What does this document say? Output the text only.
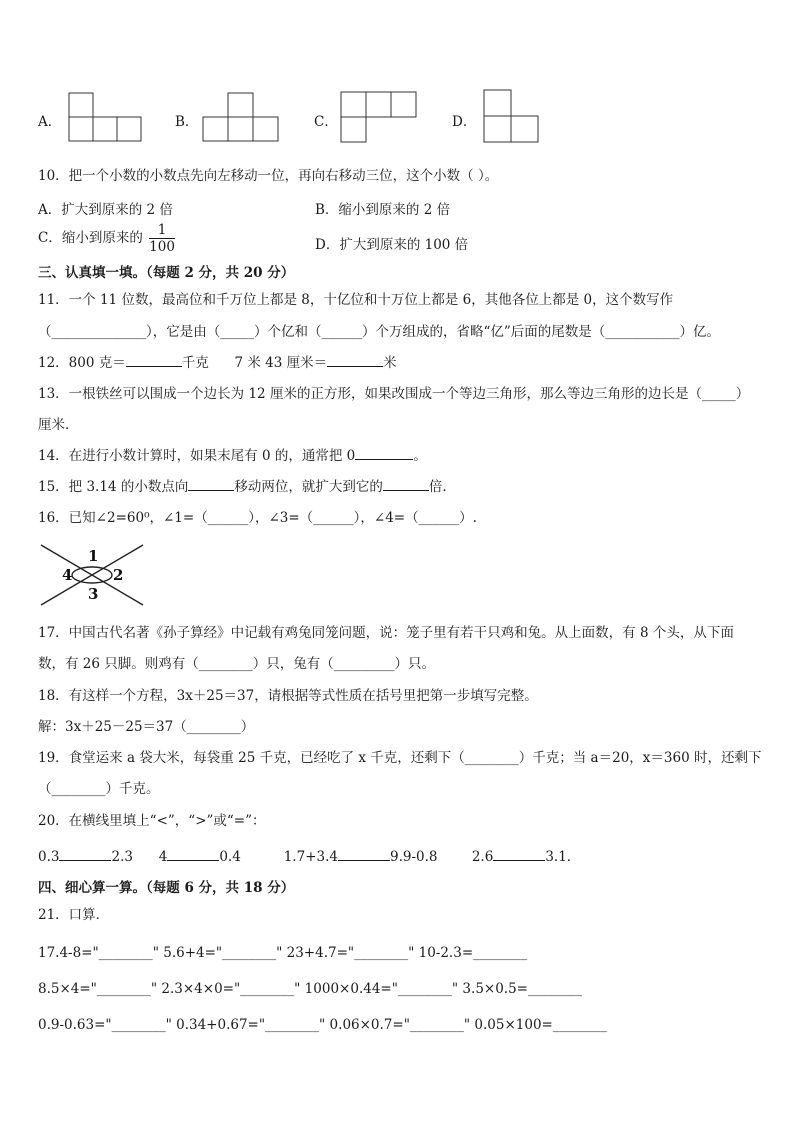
A．	B．	C．	D．
10．把一个小数的小数点先向左移动一位，再向右移动三位，这个小数（ ）。
A．扩大到原来的 2 倍	B．缩小到原来的 2 倍
C．缩小到原来的 $\frac{1}{100}$	D．扩大到原来的 100 倍
三、认真填一填。（每题 2 分，共 20 分）
11．一个 11 位数，最高位和千万位上都是 8，十亿位和十万位上都是 6，其他各位上都是 0，这个数写作
（______________），它是由（_____）个亿和（______）个万组成的，省略“亿”后面的尾数是（___________）亿。
12．800 克＝	千克 7 米 43 厘米＝	米
13．一根铁丝可以围成一个边长为 12 厘米的正方形，如果改围成一个等边三角形，那么等边三角形的边长是（_____）
厘米．
14．在进行小数计算时，如果末尾有 0 的，通常把 0	。
15．把 3.14 的小数点向	移动两位，就扩大到它的	倍．
16．已知∠2=60⁰，∠1=（______），∠3=（______），∠4=（______）.
1
2
3
4
17．中国古代名著《孙子算经》中记载有鸡兔同笼问题，说：笼子里有若干只鸡和兔。从上面数，有 8 个头，从下面
数，有 26 只脚。则鸡有（________）只，兔有（_________）只。
18．有这样一个方程，3x＋25＝37，请根据等式性质在括号里把第一步填写完整。
解：3x＋25－25＝37（________）
19．食堂运来 a 袋大米，每袋重 25 千克，已经吃了 x 千克，还剩下（________）千克；当 a＝20，x＝360 时，还剩下
（________）千克。
20．在横线里填上“<”，“>”或“=”：
0.3	2.3 4	0.4	1.7+3.4	9.9-0.8	2.6	3.1．
四、细心算一算。（每题 6 分，共 18 分）
21．口算．
17.4-8="________" 5.6+4="________" 23+4.7="________" 10-2.3=________
8.5×4="________" 2.3×4×0="________" 1000×0.44="________" 3.5×0.5=________
0.9-0.63="________" 0.34+0.67="________" 0.06×0.7="________" 0.05×100=________
